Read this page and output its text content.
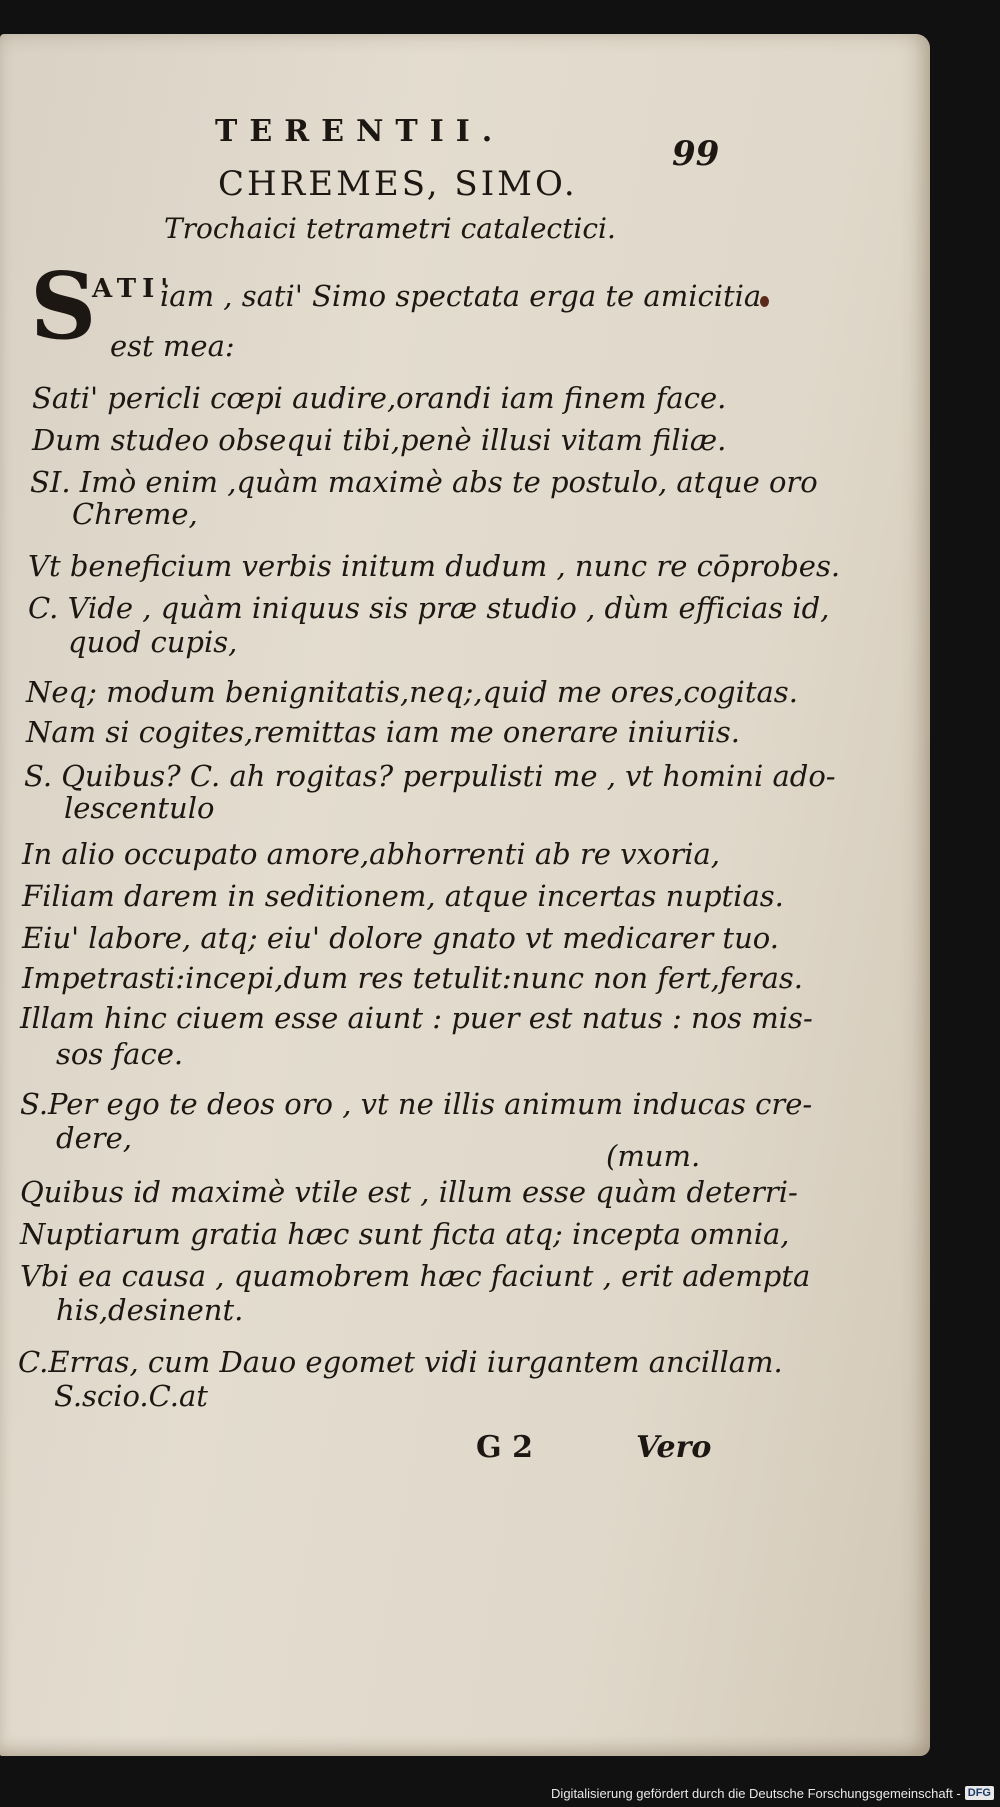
TERENTII.
99
CHREMES, SIMO.
Trochaici tetrametri catalectici.
S
ATI'
iam , sati' Simo spectata erga te amicitia
est mea:
Sati' pericli cœpi audire,orandi iam finem face.
Dum studeo obsequi tibi,penè illusi vitam filiæ.
SI. Imò enim ,quàm maximè abs te postulo, atque oro
Chreme,
Vt beneficium verbis initum dudum , nunc re cōprobes.
C. Vide , quàm iniquus sis præ studio , dùm efficias id,
quod cupis,
Neq; modum benignitatis,neq;,quid me ores,cogitas.
Nam si cogites,remittas iam me onerare iniuriis.
S. Quibus? C. ah rogitas? perpulisti me , vt homini ado-
lescentulo
In alio occupato amore,abhorrenti ab re vxoria,
Filiam darem in seditionem, atque incertas nuptias.
Eiu' labore, atq; eiu' dolore gnato vt medicarer tuo.
Impetrasti:incepi,dum res tetulit:nunc non fert,feras.
Illam hinc ciuem esse aiunt : puer est natus : nos mis-
sos face.
S.Per ego te deos oro , vt ne illis animum inducas cre-
dere,
(mum.
Quibus id maximè vtile est , illum esse quàm deterri-
Nuptiarum gratia hæc sunt ficta atq; incepta omnia,
Vbi ea causa , quamobrem hæc faciunt , erit adempta
his,desinent.
C.Erras, cum Dauo egomet vidi iurgantem ancillam.
S.scio.C.at
G 2	Vero
Digitalisierung gefördert durch die Deutsche Forschungsgemeinschaft - DFG
